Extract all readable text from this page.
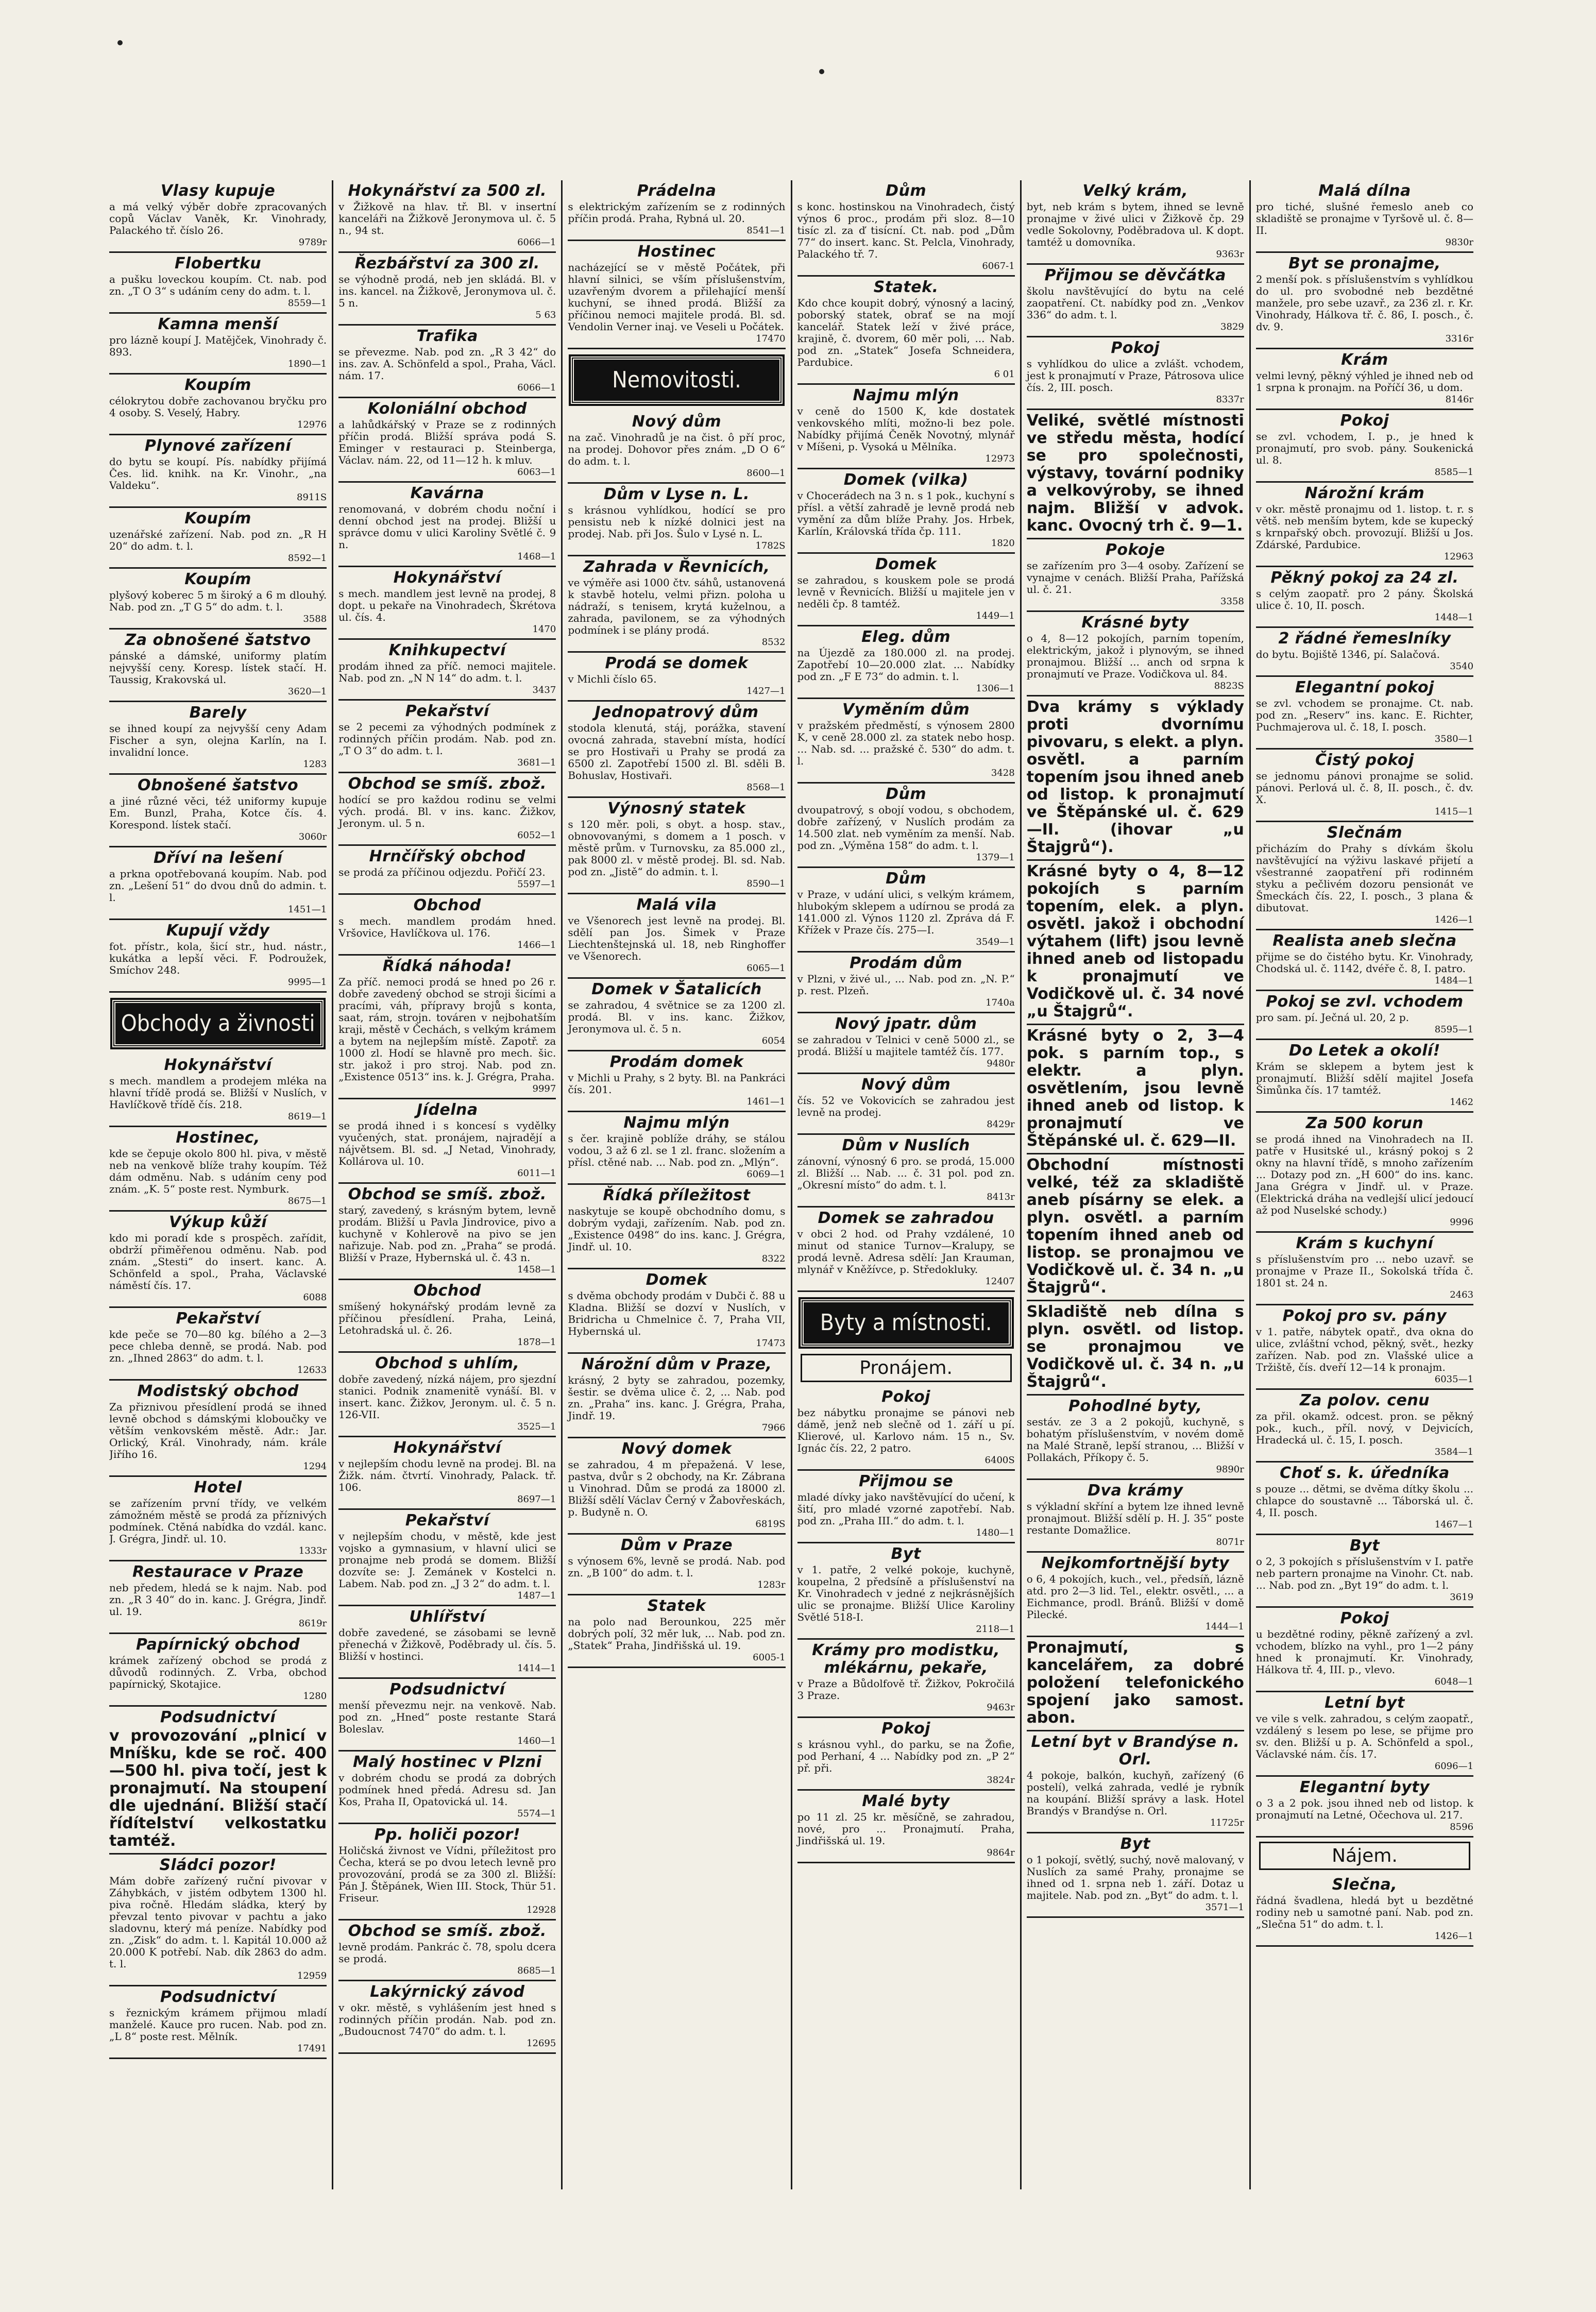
Vlasy kupuje

a má velký výběr dobře zpracovaných copů Václav Vaněk, Kr. Vinohrady, Palackého tř. číslo 26.

9789r
Flobertku

a pušku loveckou koupím. Ct. nab. pod zn. „T O 3“ s udáním ceny do adm. t. l.

8559—1
Kamna menší

pro lázně koupí J. Matějček, Vinohrady č. 893.

1890—1
Koupím

célokrytou dobře zachovanou bryčku pro 4 osoby. S. Veselý, Habry.

12976
Plynové zařízení

do bytu se koupí. Pís. nabídky přijímá Čes. lid. knihk. na Kr. Vinohr., „na Valdeku“.

8911S
Koupím

uzenářské zařízení. Nab. pod zn. „R H 20“ do adm. t. l.

8592—1
Koupím

plyšový koberec 5 m široký a 6 m dlouhý. Nab. pod zn. „T G 5“ do adm. t. l.

3588
Za obnošené šatstvo

pánské a dámské, uniformy platím nejvyšší ceny. Koresp. lístek stačí. H. Taussig, Krakovská ul.

3620—1
Barely

se ihned koupí za nejvyšší ceny Adam Fischer a syn, olejna Karlín, na I. invalidní lonce.

1283
Obnošené šatstvo

a jiné různé věci, též uniformy kupuje Em. Bunzl, Praha, Kotce čís. 4. Korespond. lístek stačí.

3060r
Dříví na lešení

a prkna opotřebovaná koupím. Nab. pod zn. „Lešení 51“ do dvou dnů do admin. t. l.

1451—1
Kupují vždy

fot. přístr., kola, šicí str., hud. nástr., kukátka a lepší věci. F. Podroužek, Smíchov 248.

9995—1
Obchody a živnosti
Hokynářství

s mech. mandlem a prodejem mléka na hlavní třídě prodá se. Bližší v Nuslích, v Havlíčkově třídě čís. 218.

8619—1
Hostinec,

kde se čepuje okolo 800 hl. piva, v městě neb na venkově blíže trahy koupím. Též dám odměnu. Nab. s udáním ceny pod znám. „K. 5“ poste rest. Nymburk.

8675—1
Výkup kůží

kdo mi poradí kde s prospěch. zařídit, obdrží přiměřenou odměnu. Nab. pod znám. „Stesti“ do insert. kanc. A. Schönfeld a spol., Praha, Václavské náměstí čís. 17.

6088
Pekařství

kde peče se 70—80 kg. bílého a 2—3 pece chleba denně, se prodá. Nab. pod zn. „Ihned 2863“ do adm. t. l.

12633
Modistský obchod

Za přiznivou přesídlení prodá se ihned levně obchod s dámskými kloboučky ve větším venkovském městě. Adr.: Jar. Orlický, Král. Vinohrady, nám. krále Jiřího 16.

1294
Hotel

se zařízením první třídy, ve velkém zámožném městě se prodá za příznivých podmínek. Ctěná nabídka do vzdál. kanc. J. Grégra, Jindř. ul. 10.

1333r
Restaurace v Praze

neb předem, hledá se k najm. Nab. pod zn. „R 3 40“ do in. kanc. J. Grégra, Jindř. ul. 19.

8619r
Papírnický obchod

krámek zařízený obchod se prodá z důvodů rodinných. Z. Vrba, obchod papírnický, Skotajice.

1280
Podsudnictví

v provozování „plnicí v Mníšku, kde se roč. 400—500 hl. piva točí, jest k pronajmutí. Na stoupení dle ujednání. Bližší stačí řídítelství velkostatku tamtéž.

Sládci pozor!

Mám dobře zařízený ruční pivovar v Záhybkách, v jistém odbytem 1300 hl. piva ročně. Hledám sládka, který by převzal tento pivovar v pachtu a jako sladovnu, který má peníze. Nabídky pod zn. „Zisk“ do adm. t. l. Kapitál 10.000 až 20.000 K potřebí. Nab. dík 2863 do adm. t. l.

12959
Podsudnictví

s řeznickým krámem přijmou mladí manželé. Kauce pro rucen. Nab. pod zn. „L 8“ poste rest. Mělník.

17491
Hokynářství za 500 zl.

v Žižkově na hlav. tř. Bl. v insertní kanceláři na Žižkově Jeronymova ul. č. 5 n., 94 st.

6066—1
Řezbářství za 300 zl.

se výhodně prodá, neb jen skládá. Bl. v ins. kancel. na Žižkově, Jeronymova ul. č. 5 n.

5 63
Trafika

se převezme. Nab. pod zn. „R 3 42“ do ins. zav. A. Schönfeld a spol., Praha, Václ. nám. 17.

6066—1
Koloniální obchod

a lahůdkářský v Praze se z rodinných příčin prodá. Bližší správa podá S. Eminger v restauraci p. Steinberga, Václav. nám. 22, od 11—12 h. k mluv.

6063—1
Kavárna

renomovaná, v dobrém chodu noční i denní obchod jest na prodej. Bližší u správce domu v ulici Karoliny Světlé č. 9 n.

1468—1
Hokynářství

s mech. mandlem jest levně na prodej, 8 dopt. u pekaře na Vinohradech, Škrétova ul. čís. 4.

1470
Knihkupectví

prodám ihned za příč. nemoci majitele. Nab. pod zn. „N N 14“ do adm. t. l.

3437
Pekařství

se 2 pecemi za výhodných podmínek z rodinných příčin prodám. Nab. pod zn. „T O 3“ do adm. t. l.

3681—1
Obchod se smíš. zbož.

hodící se pro každou rodinu se velmi vých. prodá. Bl. v ins. kanc. Žižkov, Jeronym. ul. 5 n.

6052—1
Hrnčířský obchod

se prodá za příčinou odjezdu. Pořičí 23.

5597—1
Obchod

s mech. mandlem prodám hned. Vršovice, Havlíčkova ul. 176.

1466—1
Řídká náhoda!

Za příč. nemoci prodá se hned po 26 r. dobře zavedený obchod se stroji šicími a pracími, váh, přípravy brojů s konta, saat, rám, strojn. továren v nejbohatším kraji, městě v Čechách, s velkým krámem a bytem na nejlepším místě. Zapotř. za 1000 zl. Hodí se hlavně pro mech. šic. str. jakož i pro stroj. Nab. pod zn. „Existence 0513“ ins. k. J. Grégra, Praha.

9997
Jídelna

se prodá ihned i s koncesí s vydělky vyučených, stat. pronájem, najradějí a nájvětsem. Bl. sd. „J Netad, Vinohrady, Kollárova ul. 10.

6011—1
Obchod se smíš. zbož.

starý, zavedený, s krásným bytem, levně prodám. Bližší u Pavla Jindrovice, pivo a kuchyně v Kohlerově na pivo se jen nařizuje. Nab. pod zn. „Praha“ se prodá. Bližší v Praze, Hybernská ul. č. 43 n.

1458—1
Obchod

smíšený hokynářský prodám levně za příčinou přesídlení. Praha, Leiná, Letohradská ul. č. 26.

1878—1
Obchod s uhlím,

dobře zavedený, nízká nájem, pro sjezdní stanici. Podnik znamenitě vynáší. Bl. v insert. kanc. Žižkov, Jeronym. ul. č. 5 n. 126-VII.

3525—1
Hokynářství

v nejlepším chodu levně na prodej. Bl. na Žižk. nám. čtvrtí. Vinohrady, Palack. tř. 106.

8697—1
Pekařství

v nejlepším chodu, v městě, kde jest vojsko a gymnasium, v hlavní ulici se pronajme neb prodá se domem. Bližší dozvíte se: J. Zemánek v Kostelci n. Labem. Nab. pod zn. „J 3 2“ do adm. t. l.

1487—1
Uhlířství

dobře zavedené, se zásobami se levně přenechá v Žižkově, Poděbrady ul. čís. 5. Bližší v hostinci.

1414—1
Podsudnictví

menší převezmu nejr. na venkově. Nab. pod zn. „Hned“ poste restante Stará Boleslav.

1460—1
Malý hostinec v Plzni

v dobrém chodu se prodá za dobrých podmínek hned předá. Adresu sd. Jan Kos, Praha II, Opatovická ul. 14.

5574—1
Pp. holiči pozor!

Holičská živnost ve Vídni, příležitost pro Čecha, která se po dvou letech levně pro provozování, prodá se za 300 zl. Bližší: Pán J. Štěpánek, Wien III. Stock, Thür 51. Friseur.

12928
Obchod se smíš. zbož.

levně prodám. Pankrác č. 78, spolu dcera se prodá.

8685—1
Lakýrnický závod

v okr. městě, s vyhlášením jest hned s rodinných příčin prodán. Nab. pod zn. „Budoucnost 7470“ do adm. t. l.

12695
Prádelna

s elektrickým zařízením se z rodinných příčin prodá. Praha, Rybná ul. 20.

8541—1
Hostinec

nacházející se v městě Počátek, při hlavní silnici, se vším příslušenstvím, uzavřeným dvorem a přilehající menší kuchyní, se ihned prodá. Bližší za příčinou nemoci majitele prodá. Bl. sd. Vendolin Verner inaj. ve Veseli u Počátek.

17470
Nemovitosti.
Nový dům

na zač. Vinohradů je na čist. ô pří proc, na prodej. Dohovor přes znám. „D O 6“ do adm. t. l.

8600—1
Dům v Lyse n. L.

s krásnou vyhlídkou, hodící se pro pensistu neb k nízké dolnici jest na prodej. Nab. při Jos. Šulo v Lysé n. L.

1782S
Zahrada v Řevnicích,

ve výměře asi 1000 čtv. sáhů, ustanovená k stavbě hotelu, velmi přizn. poloha u nádraží, s tenisem, krytá kuželnou, a zahrada, pavilonem, se za výhodných podmínek i se plány prodá.

8532
Prodá se domek

v Michli číslo 65.

1427—1
Jednopatrový dům

stodola klenutá, stáj, porážka, stavení ovocná zahrada, stavební místa, hodící se pro Hostivaři u Prahy se prodá za 6500 zl. Zapotřebí 1500 zl. Bl. sděli B. Bohuslav, Hostivaři.

8568—1
Výnosný statek

s 120 měr. poli, s obyt. a hosp. stav., obnovovanými, s domem a 1 posch. v městě prům. v Turnovsku, za 85.000 zl., pak 8000 zl. v městě prodej. Bl. sd. Nab. pod zn. „Jistě“ do admin. t. l.

8590—1
Malá vila

ve Všenorech jest levně na prodej. Bl. sdělí pan Jos. Šimek v Praze Liechtenštejnská ul. 18, neb Ringhoffer ve Všenorech.

6065—1
Domek v Šatalicích

se zahradou, 4 světnice se za 1200 zl. prodá. Bl. v ins. kanc. Žižkov, Jeronymova ul. č. 5 n.

6054
Prodám domek

v Michli u Prahy, s 2 byty. Bl. na Pankráci čís. 201.

1461—1
Najmu mlýn

s čer. krajině poblíže dráhy, se stálou vodou, 3 až 6 zl. se 1 zl. franc. složením a přísl. ctěné nab. ... Nab. pod zn. „Mlýn“.

6069—1
Řídká příležitost

naskytuje se koupě obchodního domu, s dobrým vydaji, zařízením. Nab. pod zn. „Existence 0498“ do ins. kanc. J. Grégra, Jindř. ul. 10.

8322
Domek

s dvěma obchody prodám v Dubči č. 88 u Kladna. Bližší se dozví v Nuslích, v Bridricha u Chmelnice č. 7, Praha VII, Hybernská ul.

17473
Nárožní dům v Praze,

krásný, 2 byty se zahradou, pozemky, šestir. se dvěma ulice č. 2, ... Nab. pod zn. „Praha“ ins. kanc. J. Grégra, Praha, Jindř. 19.

7966
Nový domek

se zahradou, 4 m přepažená. V lese, pastva, dvůr s 2 obchody, na Kr. Zábrana u Vinohrad. Dům se prodá za 18000 zl. Bližší sdělí Václav Černý v Žabovřeskách, p. Budyně n. O.

6819S
Dům v Praze

s výnosem 6%, levně se prodá. Nab. pod zn. „B 100“ do adm. t. l.

1283r
Statek

na polo nad Berounkou, 225 měr dobrých polí, 32 měr luk, ... Nab. pod zn. „Statek“ Praha, Jindřišská ul. 19.

6005-1
Dům

s konc. hostinskou na Vinohradech, čistý výnos 6 proc., prodám při sloz. 8—10 tisíc zl. za ď tisícní. Ct. nab. pod „Dům 77“ do insert. kanc. St. Pelcla, Vinohrady, Palackého tř. 7.

6067-1
Statek.

Kdo chce koupit dobrý, výnosný a laciný, poborský statek, obrať se na mojí kancelář. Statek leží v živé práce, krajině, č. dvorem, 60 měr poli, ... Nab. pod zn. „Statek“ Josefa Schneidera, Pardubice.

6 01
Najmu mlýn

v ceně do 1500 K, kde dostatek venkovského mlíti, možno-li bez pole. Nabídky přijímá Čeněk Novotný, mlynář v Míšeni, p. Vysoká u Mělníka.

12973
Domek (vilka)

v Chocerádech na 3 n. s 1 pok., kuchyní s přísl. a větší zahradě je levně prodá neb vymění za dům blíže Prahy. Jos. Hrbek, Karlín, Královská třída čp. 111.

1820
Domek

se zahradou, s kouskem pole se prodá levně v Řevnicích. Bližší u majitele jen v neděli čp. 8 tamtéž.

1449—1
Eleg. dům

na Újezdě za 180.000 zl. na prodej. Zapotřebí 10—20.000 zlat. ... Nabídky pod zn. „F E 73“ do admin. t. l.

1306—1
Vyměním dům

v pražském předměstí, s výnosem 2800 K, v ceně 28.000 zl. za statek nebo hosp. ... Nab. sd. ... pražské č. 530“ do adm. t. l.

3428
Dům

dvoupatrový, s obojí vodou, s obchodem, dobře zařízený, v Nuslích prodám za 14.500 zlat. neb vyměním za menší. Nab. pod zn. „Výměna 158“ do adm. t. l.

1379—1
Dům

v Praze, v udání ulici, s velkým krámem, hlubokým sklepem a udírnou se prodá za 141.000 zl. Výnos 1120 zl. Zpráva dá F. Křížek v Praze čís. 275—I.

3549—1
Prodám dům

v Plzni, v živé ul., ... Nab. pod zn. „N. P.“ p. rest. Plzeň.

1740a
Nový jpatr. dům

se zahradou v Telnici v ceně 5000 zl., se prodá. Bližší u majitele tamtéž čís. 177.

9480r
Nový dům

čís. 52 ve Vokovicích se zahradou jest levně na prodej.

8429r
Dům v Nuslích

zánovní, výnosný 6 pro. se prodá, 15.000 zl. Bližší ... Nab. ... č. 31 pol. pod zn. „Okresní místo“ do adm. t. l.

8413r
Domek se zahradou

v obci 2 hod. od Prahy vzdálené, 10 minut od stanice Turnov—Kralupy, se prodá levně. Adresa sdělí: Jan Krauman, mlynář v Kněžívce, p. Středokluky.

12407
Byty a místnosti.
Pronájem.
Pokoj

bez nábytku pronajme se pánovi neb dámě, jenž neb slečně od 1. září u pí. Klierové, ul. Karlovo nám. 15 n., Sv. Ignác čís. 22, 2 patro.

6400S
Přijmou se

mladé dívky jako navštěvující do učení, k šití, pro mladé vzorné zapotřebí. Nab. pod zn. „Praha III.“ do adm. t. l.

1480—1
Byt

v 1. patře, 2 velké pokoje, kuchyně, koupelna, 2 předsíně a příslušenství na Kr. Vinohradech v jedné z nejkrásnějších ulic se pronajme. Bližší Ulice Karoliny Světlé 518-I.

2118—1
Krámy pro modistku, mlékárnu, pekaře,

v Praze a Bůdolfově tř. Žižkov, Pokročilá 3 Praze.

9463r
Pokoj

s krásnou vyhl., do parku, se na Žofie, pod Perhaní, 4 ... Nabídky pod zn. „P 2“ př. při.

3824r
Malé byty

po 11 zl. 25 kr. měsíčně, se zahradou, nové, pro ... Pronajmutí. Praha, Jindřišská ul. 19.

9864r
Velký krám,

byt, neb krám s bytem, ihned se levně pronajme v živé ulici v Žižkově čp. 29 vedle Sokolovny, Poděbradova ul. K dopt. tamtéž u domovníka.

9363r
Přijmou se děvčátka

školu navštěvující do bytu na celé zaopatření. Ct. nabídky pod zn. „Venkov 336“ do adm. t. l.

3829
Pokoj

s vyhlídkou do ulice a zvlášt. vchodem, jest k pronajmutí v Praze, Pátrosova ulice čís. 2, III. posch.

8337r

Veliké, světlé místnosti ve středu města, hodící se pro společnosti, výstavy, tovární podniky a velkovýroby, se ihned najm. Bližší v advok. kanc. Ovocný trh č. 9—1.

Pokoje

se zařízením pro 3—4 osoby. Zařízení se vynajme v cenách. Bližší Praha, Pařížská ul. č. 21.

3358
Krásné byty

o 4, 8—12 pokojích, parním topením, elektrickým, jakož i plynovým, se ihned pronajmou. Bližší ... anch od srpna k pronajmutí ve Praze. Vodičkova ul. 84.

8823S

Dva krámy s výklady proti dvornímu pivovaru, s elekt. a plyn. osvětl. a parním topením jsou ihned aneb od listop. k pronajmutí ve Štěpánské ul. č. 629—II. (ihovar „u Štajgrů“).

Krásné byty o 4, 8—12 pokojích s parním topením, elek. a plyn. osvětl. jakož i obchodní výtahem (lift) jsou levně ihned aneb od listopadu k pronajmutí ve Vodičkově ul. č. 34 nové „u Štajgrů“.

Krásné byty o 2, 3—4 pok. s parním top., s elektr. a plyn. osvětlením, jsou levně ihned aneb od listop. k pronajmutí ve Štěpánské ul. č. 629—II.

Obchodní místnosti velké, též za skladiště aneb písárny se elek. a plyn. osvětl. a parním topením ihned aneb od listop. se pronajmou ve Vodičkově ul. č. 34 n. „u Štajgrů“.

Skladiště neb dílna s plyn. osvětl. od listop. se pronajmou ve Vodičkově ul. č. 34 n. „u Štajgrů“.

Pohodlné byty,

sestáv. ze 3 a 2 pokojů, kuchyně, s bohatým příslušenstvím, v novém domě na Malé Straně, lepší stranou, ... Bližší v Pollakách, Příkopy č. 5.

9890r
Dva krámy

s výkladní skříní a bytem lze ihned levně pronajmout. Bližší sdělí p. H. J. 35“ poste restante Domažlice.

8071r
Nejkomfortnější byty

o 6, 4 pokojích, kuch., vel., předsíň, lázně atd. pro 2—3 lid. Tel., elektr. osvětl., ... a Eichmance, prodl. Bránů. Bližší v domě Pilecké.

1444—1

Pronajmutí, s kancelářem, za dobré položení telefonického spojení jako samost. abon.

Letní byt v Brandýse n. Orl.

4 pokoje, balkón, kuchyň, zařízený (6 postelí), velká zahrada, vedlé je rybník na koupání. Bližší správy a lask. Hotel Brandýs v Brandýse n. Orl.

11725r
Byt

o 1 pokojí, světlý, suchý, nově malovaný, v Nuslích za samé Prahy, pronajme se ihned od 1. srpna neb 1. září. Dotaz u majitele. Nab. pod zn. „Byt“ do adm. t. l.

3571—1
Malá dílna

pro tiché, slušné řemeslo aneb co skladiště se pronajme v Tyršově ul. č. 8—II.

9830r
Byt se pronajme,

2 menší pok. s příslušenstvím s vyhlídkou do ul. pro svobodné neb bezdětné manžele, pro sebe uzavř., za 236 zl. r. Kr. Vinohrady, Hálkova tř. č. 86, I. posch., č. dv. 9.

3316r
Krám

velmi levný, pěkný výhled je ihned neb od 1 srpna k pronajm. na Poříčí 36, u dom.

8146r
Pokoj

se zvl. vchodem, I. p., je hned k pronajmutí, pro svob. pány. Soukenická ul. 8.

8585—1
Nárožní krám

v okr. městě pronajmu od 1. listop. t. r. s větš. neb menším bytem, kde se kupecký s krnpařský obch. provozují. Bližší u Jos. Zdárské, Pardubice.

12963
Pěkný pokoj za 24 zl.

s celým zaopatř. pro 2 pány. Školská ulice č. 10, II. posch.

1448—1
2 řádné řemeslníky

do bytu. Bojiště 1346, pí. Salačová.

3540
Elegantní pokoj

se zvl. vchodem se pronajme. Ct. nab. pod zn. „Reserv“ ins. kanc. E. Richter, Puchmajerova ul. č. 18, I. posch.

3580—1
Čistý pokoj

se jednomu pánovi pronajme se solid. pánovi. Perlová ul. č. 8, II. posch., č. dv. X.

1415—1
Slečnám

přicházím do Prahy s dívkám školu navštěvující na výživu laskavé přijetí a všestranné zaopatření při rodinném styku a pečlivém dozoru pensionát ve Šmeckách čís. 22, I. posch., 3 plana & dibutovat.

1426—1
Realista aneb slečna

přijme se do čistého bytu. Kr. Vinohrady, Chodská ul. č. 1142, dvéře č. 8, I. patro.

1484—1
Pokoj se zvl. vchodem

pro sam. pí. Ječná ul. 20, 2 p.

8595—1
Do Letek a okolí!

Krám se sklepem a bytem jest k pronajmutí. Bližší sdělí majitel Josefa Šimůnka čís. 17 tamtéž.

1462
Za 500 korun

se prodá ihned na Vinohradech na II. patře v Husitské ul., krásný pokoj s 2 okny na hlavní třídě, s mnoho zařízením ... Dotazy pod zn. „H 600“ do ins. kanc. Jana Grégra v Jindř. ul. v Praze. (Elektrická dráha na vedlejší ulicí jedoucí až pod Nuselské schody.)

9996
Krám s kuchyní

s příslušenstvím pro ... nebo uzavř. se pronajme v Praze II., Sokolská třída č. 1801 st. 24 n.

2463
Pokoj pro sv. pány

v 1. patře, nábytek opatř., dva okna do ulice, zvláštní vchod, pěkný, svět., hezky zařízen. Nab. pod zn. Vlašské ulice a Tržiště, čís. dveří 12—14 k pronajm.

6035—1
Za polov. cenu

za přil. okamž. odcest. pron. se pěkný pok., kuch., příl. nový, v Dejvicích, Hradecká ul. č. 15, I. posch.

3584—1
Choť s. k. úředníka

s pouze ... dětmi, se dvěma dítky školu ... chlapce do soustavně ... Táborská ul. č. 4, II. posch.

1467—1
Byt

o 2, 3 pokojích s příslušenstvím v I. patře neb partern pronajme na Vinohr. Ct. nab. ... Nab. pod zn. „Byt 19“ do adm. t. l.

3619
Pokoj

u bezdětné rodiny, pěkně zařízený a zvl. vchodem, blízko na vyhl., pro 1—2 pány hned k pronajmutí. Kr. Vinohrady, Hálkova tř. 4, III. p., vlevo.

6048—1
Letní byt

ve vile s velk. zahradou, s celým zaopatř., vzdálený s lesem po lese, se přijme pro sv. den. Bližší u p. A. Schönfeld a spol., Václavské nám. čís. 17.

6096—1
Elegantní byty

o 3 a 2 pok. jsou ihned neb od listop. k pronajmutí na Letné, Očechova ul. 217.

8596
Nájem.
Slečna,

řádná švadlena, hledá byt u bezdětné rodiny neb u samotné paní. Nab. pod zn. „Slečna 51“ do adm. t. l.

1426—1
